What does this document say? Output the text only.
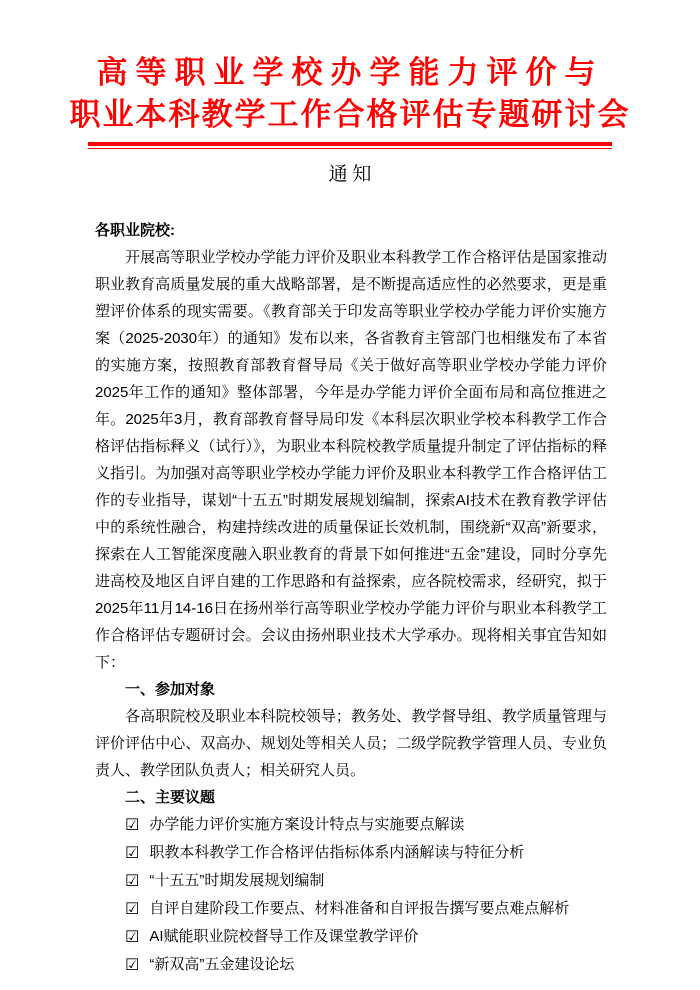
高等职业学校办学能力评价与
职业本科教学工作合格评估专题研讨会

通 知

各职业院校:

开展高等职业学校办学能力评价及职业本科教学工作合格评估是国家推动职业教育高质量发展的重大战略部署，是不断提高适应性的必然要求，更是重塑评价体系的现实需要。《教育部关于印发高等职业学校办学能力评价实施方案（2025-2030年）的通知》发布以来，各省教育主管部门也相继发布了本省的实施方案，按照教育部教育督导局《关于做好高等职业学校办学能力评价2025年工作的通知》整体部署，今年是办学能力评价全面布局和高位推进之年。2025年3月，教育部教育督导局印发《本科层次职业学校本科教学工作合格评估指标释义（试行）》，为职业本科院校教学质量提升制定了评估指标的释义指引。为加强对高等职业学校办学能力评价及职业本科教学工作合格评估工作的专业指导，谋划“十五五”时期发展规划编制，探索AI技术在教育教学评估中的系统性融合，构建持续改进的质量保证长效机制，围绕新“双高”新要求，探索在人工智能深度融入职业教育的背景下如何推进“五金”建设，同时分享先进高校及地区自评自建的工作思路和有益探索，应各院校需求，经研究，拟于2025年11月14-16日在扬州举行高等职业学校办学能力评价与职业本科教学工作合格评估专题研讨会。会议由扬州职业技术大学承办。现将相关事宜告知如下：

一、参加对象

各高职院校及职业本科院校领导；教务处、教学督导组、教学质量管理与评价评估中心、双高办、规划处等相关人员；二级学院教学管理人员、专业负责人、教学团队负责人；相关研究人员。

二、主要议题

☑ 办学能力评价实施方案设计特点与实施要点解读
☑ 职教本科教学工作合格评估指标体系内涵解读与特征分析
☑ “十五五”时期发展规划编制
☑ 自评自建阶段工作要点、材料准备和自评报告撰写要点难点解析
☑ AI赋能职业院校督导工作及课堂教学评价
☑ “新双高”五金建设论坛
